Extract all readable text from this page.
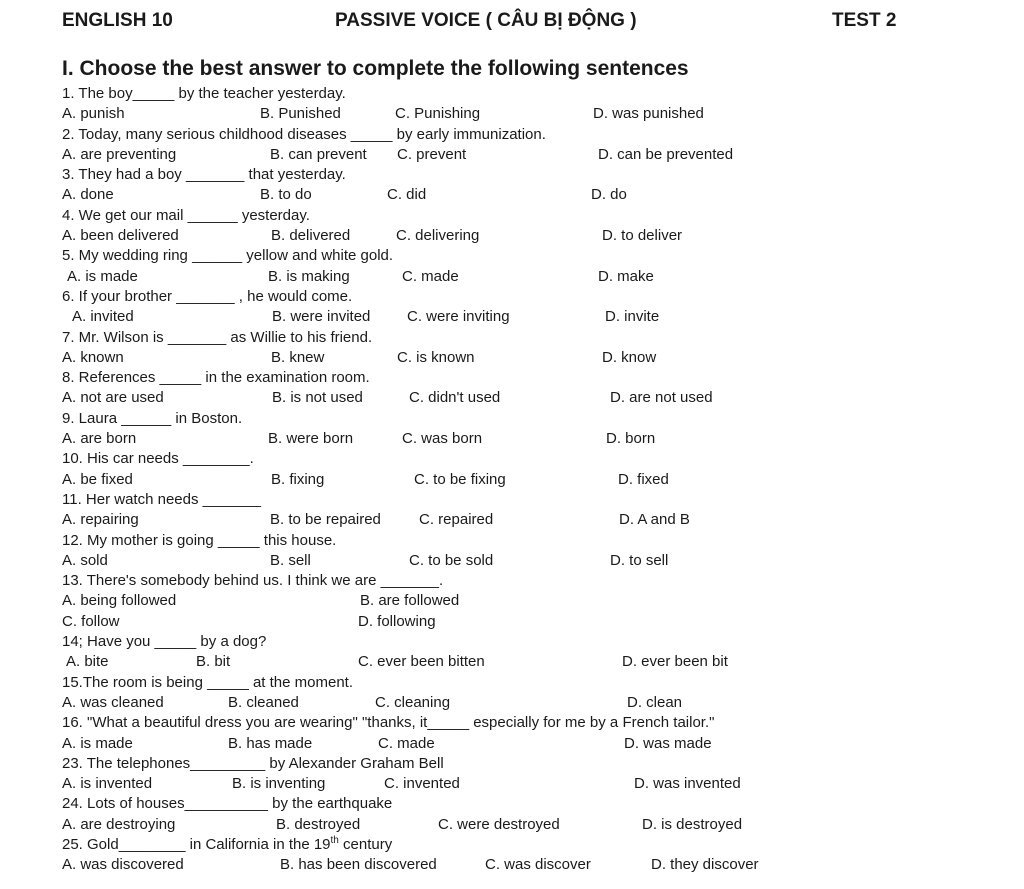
ENGLISH 10	PASSIVE VOICE ( CÂU BỊ ĐỘNG )	TEST 2
I. Choose the best answer to complete the following sentences
1. The boy_____ by the teacher yesterday.
A. punish	B. Punished	C. Punishing	D. was punished
2. Today, many serious childhood diseases _____ by early immunization.
A. are preventing	B. can prevent C. prevent	D. can be prevented
3. They had a boy _______ that yesterday.
A. done	B. to do	C. did	D. do
4. We get our mail ______ yesterday.
A. been delivered	B. delivered	C. delivering	D. to deliver
5. My wedding ring ______ yellow and white gold.
A. is made	B. is making	C. made	D. make
6. If your brother _______ , he would come.
A. invited	B. were invited C. were inviting	D. invite
7. Mr. Wilson is _______ as Willie to his friend.
A. known	B. knew	C. is known	D. know
8. References _____ in the examination room.
A. not are used	B. is not used	C. didn't used	D. are not used
9. Laura ______ in Boston.
A. are born	B. were born	C. was born	D. born
10. His car needs ________.
A. be fixed	B. fixing	C. to be fixing	D. fixed
11. Her watch needs _______
A. repairing	B. to be repaired	C. repaired	D. A and B
12. My mother is going _____ this house.
A. sold	B. sell	C. to be sold	D. to sell
13. There's somebody behind us. I think we are _______.
A. being followed	B. are followed
C. follow	D. following
14; Have you _____ by a dog?
A. bite	B. bit	C. ever been bitten	D. ever been bit
15.The room is being _____ at the moment.
A. was cleaned	B. cleaned	C. cleaning	D. clean
16. "What a beautiful dress you are wearing" "thanks, it_____ especially for me by a French tailor."
A. is made	B. has made	C. made	D. was made
23. The telephones_________ by Alexander Graham Bell
A. is invented	B. is inventing	C. invented	D. was invented
24. Lots of houses__________ by the earthquake
A. are destroying	B. destroyed	C. were destroyed	D. is destroyed
25. Gold________ in California in the 19th century
A. was discovered	B. has been discovered	C. was discover	D. they discover
